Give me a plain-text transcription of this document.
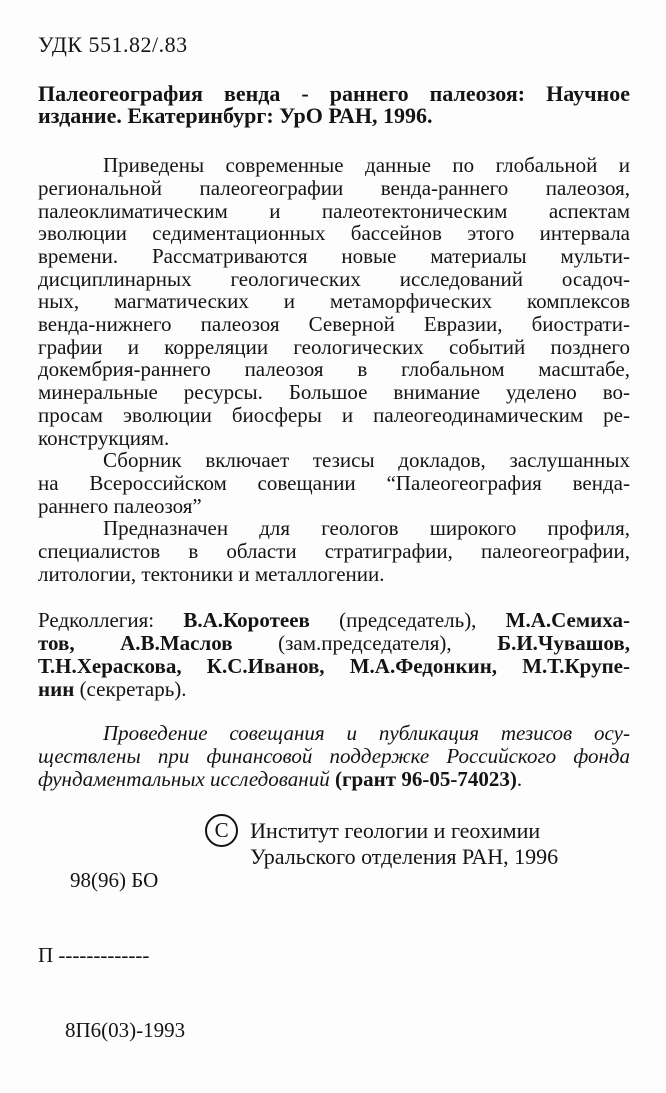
УДК 551.82/.83
Палеогеография венда - раннего палеозоя: Научное
издание. Екатеринбург: УрО РАН, 1996.
Приведены современные данные по глобальной и
региональной палеогеографии венда-раннего палеозоя,
палеоклиматическим и палеотектоническим аспектам
эволюции седиментационных бассейнов этого интервала
времени. Рассматриваются новые материалы мульти-
дисциплинарных геологических исследований осадоч-
ных, магматических и метаморфических комплексов
венда-нижнего палеозоя Северной Евразии, биострати-
графии и корреляции геологических событий позднего
докембрия-раннего палеозоя в глобальном масштабе,
минеральные ресурсы. Большое внимание уделено во-
просам эволюции биосферы и палеогеодинамическим ре-
конструкциям.
Сборник включает тезисы докладов, заслушанных
на Всероссийском совещании “Палеогеография венда-
раннего палеозоя”
Предназначен для геологов широкого профиля,
специалистов в области стратиграфии, палеогеографии,
литологии, тектоники и металлогении.
Редколлегия: В.А.Коротеев (председатель), М.А.Семиха-
тов, А.В.Маслов (зам.председателя), Б.И.Чувашов,
Т.Н.Хераскова, К.С.Иванов, М.А.Федонкин, М.Т.Крупе-
нин (секретарь).
Проведение совещания и публикация тезисов осу-
ществлены при финансовой поддержке Российского фонда
фундаментальных исследований (грант 96-05-74023).

98(96) БО

П -------------

8П6(03)-1993

С Институт геологии и геохимии
Уральского отделения РАН, 1996
